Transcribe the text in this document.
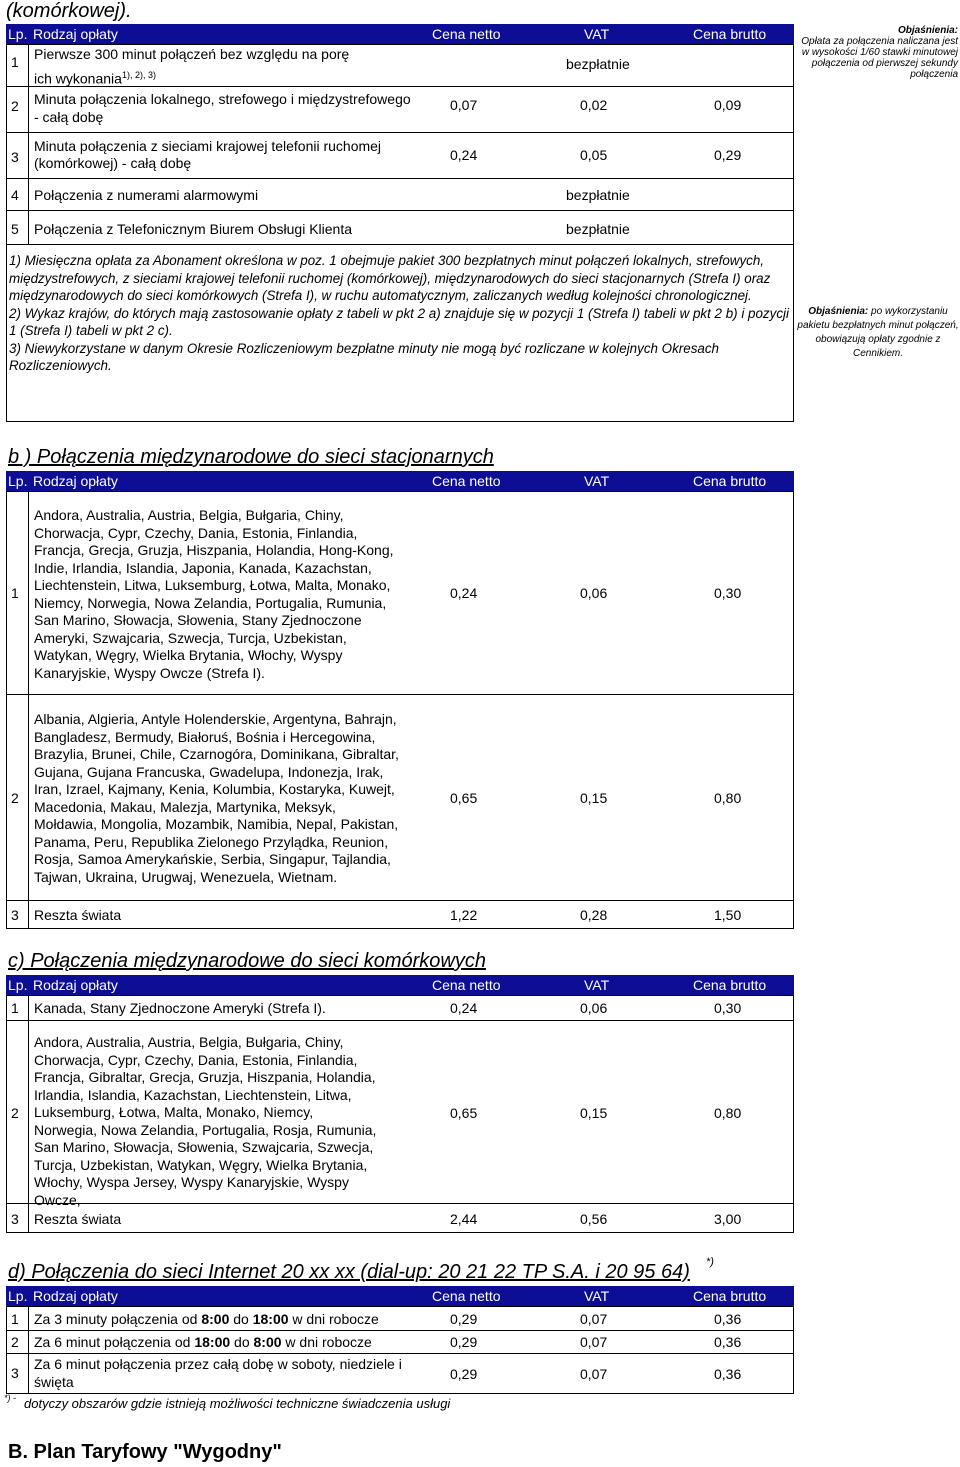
(komórkowej).
Lp. Rodzaj opłaty	Cena netto	VAT	Cena brutto
1 Pierwsze 300 minut połączeń bez względu na porę
ich wykonania$^{1), 2), 3)}$
bezpłatnie
2 Minuta połączenia lokalnego, strefowego i międzystrefowego
- całą dobę
0,07	0,02	0,09
3
Minuta połączenia z sieciami krajowej telefonii ruchomej
(komórkowej) - całą dobę	0,24	0,05	0,29
4 Połączenia z numerami alarmowymi	bezpłatnie
5 Połączenia z Telefonicznym Biurem Obsługi Klienta	bezpłatnie
Objaśnienia:
Opłata za połączenia naliczana jest w wysokości 1/60 stawki minutowej połączenia od pierwszej sekundy połączenia
1) Miesięczna opłata za Abonament określona w poz. 1 obejmuje pakiet 300 bezpłatnych minut połączeń lokalnych, strefowych, międzystrefowych, z sieciami krajowej telefonii ruchomej (komórkowej), międzynarodowych do sieci stacjonarnych (Strefa I) oraz międzynarodowych do sieci komórkowych (Strefa I), w ruchu automatycznym, zaliczanych według kolejności chronologicznej.
2) Wykaz krajów, do których mają zastosowanie opłaty z tabeli w pkt 2 a) znajduje się w pozycji 1 (Strefa I) tabeli w pkt 2 b) i pozycji 1 (Strefa I) tabeli w pkt 2 c).
3) Niewykorzystane w danym Okresie Rozliczeniowym bezpłatne minuty nie mogą być rozliczane w kolejnych Okresach Rozliczeniowych.
Objaśnienia: po wykorzystaniu pakietu bezpłatnych minut połączeń, obowiązują opłaty zgodnie z Cennikiem.
b ) Połączenia międzynarodowe do sieci stacjonarnych
Lp. Rodzaj opłaty	Cena netto	VAT	Cena brutto
1
Andora, Australia, Austria, Belgia, Bułgaria, Chiny, Chorwacja, Cypr, Czechy, Dania, Estonia, Finlandia, Francja, Grecja, Gruzja, Hiszpania, Holandia, Hong-Kong, Indie, Irlandia, Islandia, Japonia, Kanada, Kazachstan, Liechtenstein, Litwa, Luksemburg, Łotwa, Malta, Monako, Niemcy, Norwegia, Nowa Zelandia, Portugalia, Rumunia, San Marino, Słowacja, Słowenia, Stany Zjednoczone Ameryki, Szwajcaria, Szwecja, Turcja, Uzbekistan, Watykan, Węgry, Wielka Brytania, Włochy, Wyspy Kanaryjskie, Wyspy Owcze (Strefa I).
0,24	0,06	0,30
2
Albania, Algieria, Antyle Holenderskie, Argentyna, Bahrajn, Bangladesz, Bermudy, Białoruś, Bośnia i Hercegowina, Brazylia, Brunei, Chile, Czarnogóra, Dominikana, Gibraltar, Gujana, Gujana Francuska, Gwadelupa, Indonezja, Irak, Iran, Izrael, Kajmany, Kenia, Kolumbia, Kostaryka, Kuwejt, Macedonia, Makau, Malezja, Martynika, Meksyk, Mołdawia, Mongolia, Mozambik, Namibia, Nepal, Pakistan, Panama, Peru, Republika Zielonego Przylądka, Reunion, Rosja, Samoa Amerykańskie, Serbia, Singapur, Tajlandia, Tajwan, Ukraina, Urugwaj, Wenezuela, Wietnam.
0,65	0,15	0,80
3 Reszta świata	1,22	0,28	1,50
c) Połączenia międzynarodowe do sieci komórkowych
Lp. Rodzaj opłaty	Cena netto	VAT	Cena brutto
1 Kanada, Stany Zjednoczone Ameryki (Strefa I).	0,24	0,06	0,30
2
Andora, Australia, Austria, Belgia, Bułgaria, Chiny, Chorwacja, Cypr, Czechy, Dania, Estonia, Finlandia, Francja, Gibraltar, Grecja, Gruzja, Hiszpania, Holandia, Irlandia, Islandia, Kazachstan, Liechtenstein, Litwa, Luksemburg, Łotwa, Malta, Monako, Niemcy, Norwegia, Nowa Zelandia, Portugalia, Rosja, Rumunia, San Marino, Słowacja, Słowenia, Szwajcaria, Szwecja, Turcja, Uzbekistan, Watykan, Węgry, Wielka Brytania, Włochy, Wyspa Jersey, Wyspy Kanaryjskie, Wyspy Owcze,
0,65	0,15	0,80
3 Reszta świata	2,44	0,56	3,00
d) Połączenia do sieci Internet 20 xx xx (dial-up: 20 21 22 TP S.A. i 20 95 64) *)
Lp. Rodzaj opłaty	Cena netto	VAT	Cena brutto
1 Za 3 minuty połączenia od 8:00 do 18:00 w dni robocze	0,29	0,07	0,36
2 Za 6 minut połączenia od 18:00 do 8:00 w dni robocze	0,29	0,07	0,36
3
Za 6 minut połączenia przez całą dobę w soboty, niedziele i
święta	0,29	0,07	0,36
*) - dotyczy obszarów gdzie istnieją możliwości techniczne świadczenia usługi
B. Plan Taryfowy "Wygodny"
